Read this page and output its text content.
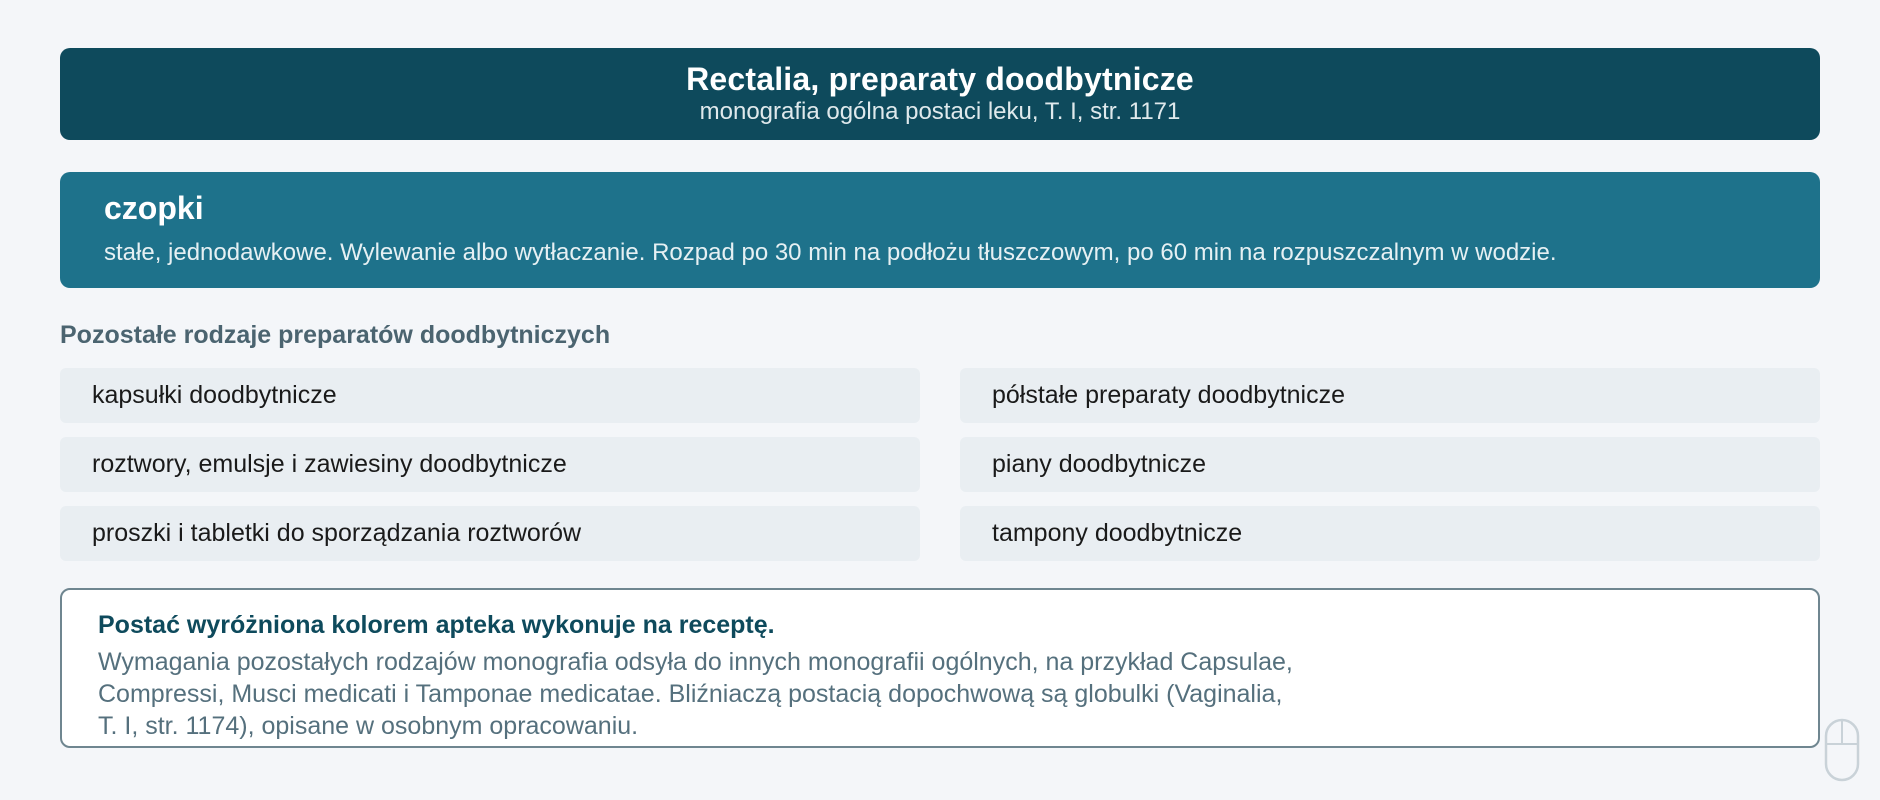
Rectalia, preparaty doodbytnicze
monografia ogólna postaci leku, T. I, str. 1171
czopki
stałe, jednodawkowe. Wylewanie albo wytłaczanie. Rozpad po 30 min na podłożu tłuszczowym, po 60 min na rozpuszczalnym w wodzie.
Pozostałe rodzaje preparatów doodbytniczych
kapsułki doodbytnicze	półstałe preparaty doodbytnicze
roztwory, emulsje i zawiesiny doodbytnicze	piany doodbytnicze
proszki i tabletki do sporządzania roztworów	tampony doodbytnicze
Postać wyróżniona kolorem apteka wykonuje na receptę.
Wymagania pozostałych rodzajów monografia odsyła do innych monografii ogólnych, na przykład Capsulae,
Compressi, Musci medicati i Tamponae medicatae. Bliźniaczą postacią dopochwową są globulki (Vaginalia,
T. I, str. 1174), opisane w osobnym opracowaniu.
